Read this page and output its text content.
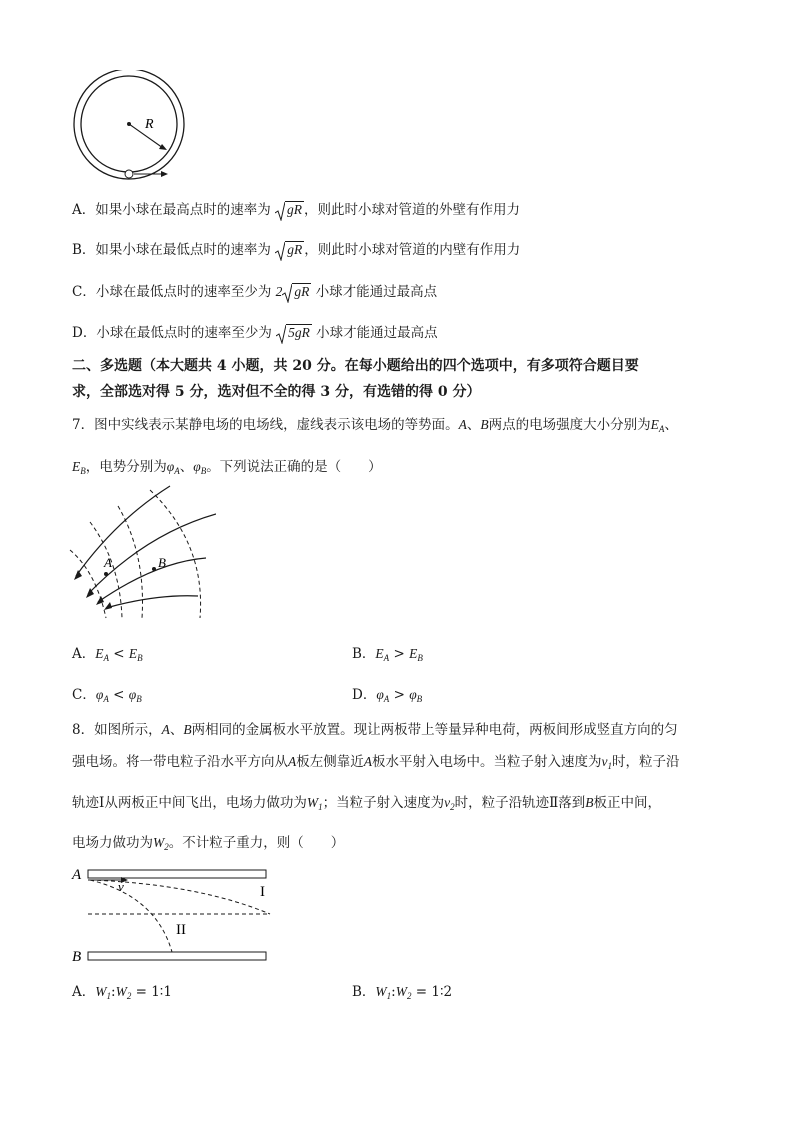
R
A．如果小球在最高点时的速率为 gR ，则此时小球对管道的外壁有作用力
B．如果小球在最低点时的速率为 gR ，则此时小球对管道的内壁有作用力
C．小球在最低点时的速率至少为 2 gR 小球才能通过最高点
D．小球在最低点时的速率至少为 5gR 小球才能通过最高点
二、多选题（本大题共 4 小题，共 20 分。在每小题给出的四个选项中，有多项符合题目要
求，全部选对得 5 分，选对但不全的得 3 分，有选错的得 0 分）
7．图中实线表示某静电场的电场线，虚线表示该电场的等势面。A、B两点的电场强度大小分别为$E_A$、
$E_B$，电势分别为$\varphi_A$、$\varphi_B$。下列说法正确的是（　　）
A	B
A．$E_A < E_B$	B．$E_A > E_B$
C．$\varphi_A < \varphi_B$	D．$\varphi_A > \varphi_B$
8．如图所示，A、B两相同的金属板水平放置。现让两板带上等量异种电荷，两板间形成竖直方向的匀
强电场。将一带电粒子沿水平方向从A板左侧靠近A板水平射入电场中。当粒子射入速度为$v_1$时，粒子沿
轨迹Ⅰ从两板正中间飞出，电场力做功为$W_1$；当粒子射入速度为$v_2$时，粒子沿轨迹Ⅱ落到B板正中间，
电场力做功为$W_2$。不计粒子重力，则（　　）
A
v	I
II
B
A．$W_1:W_2$ = 1∶1	B．$W_1:W_2$ = 1∶2
